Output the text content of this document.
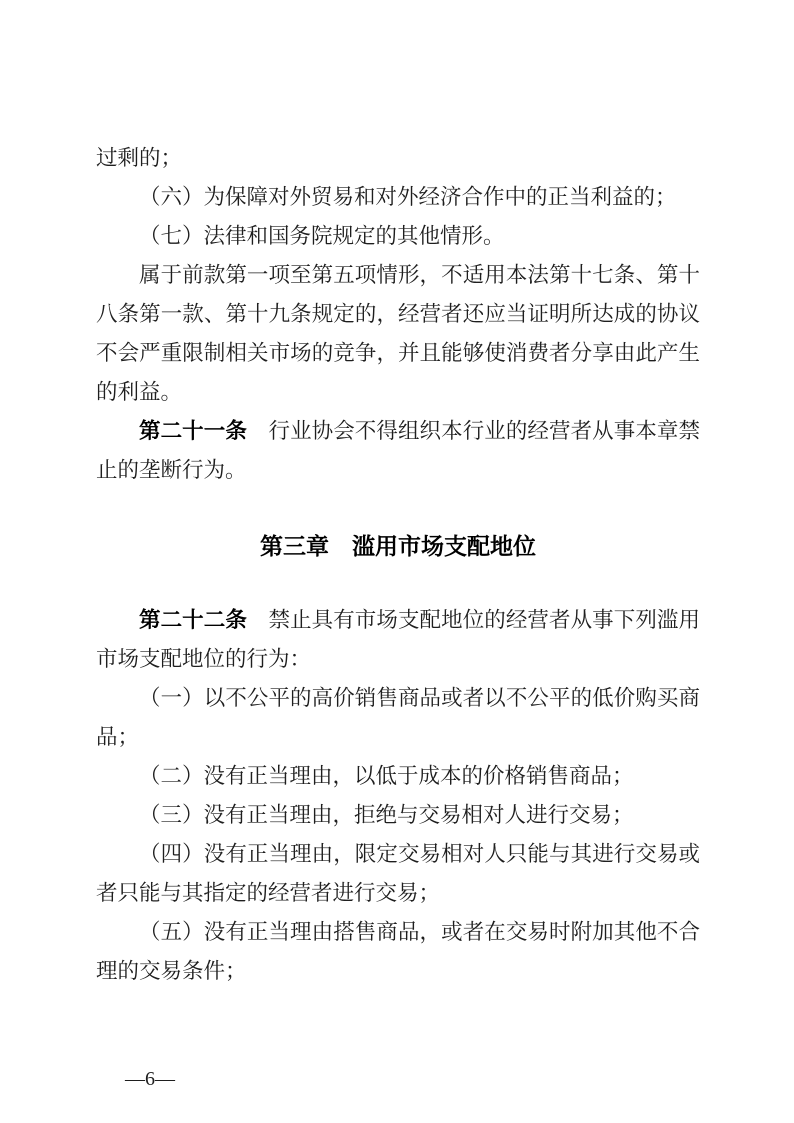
过剩的；

（六）为保障对外贸易和对外经济合作中的正当利益的；

（七）法律和国务院规定的其他情形。

属于前款第一项至第五项情形，不适用本法第十七条、第十八条第一款、第十九条规定的，经营者还应当证明所达成的协议不会严重限制相关市场的竞争，并且能够使消费者分享由此产生的利益。

第二十一条　行业协会不得组织本行业的经营者从事本章禁止的垄断行为。

第三章　滥用市场支配地位

第二十二条　禁止具有市场支配地位的经营者从事下列滥用市场支配地位的行为：

（一）以不公平的高价销售商品或者以不公平的低价购买商品；

（二）没有正当理由，以低于成本的价格销售商品；

（三）没有正当理由，拒绝与交易相对人进行交易；

（四）没有正当理由，限定交易相对人只能与其进行交易或者只能与其指定的经营者进行交易；

（五）没有正当理由搭售商品，或者在交易时附加其他不合理的交易条件；

—6—
